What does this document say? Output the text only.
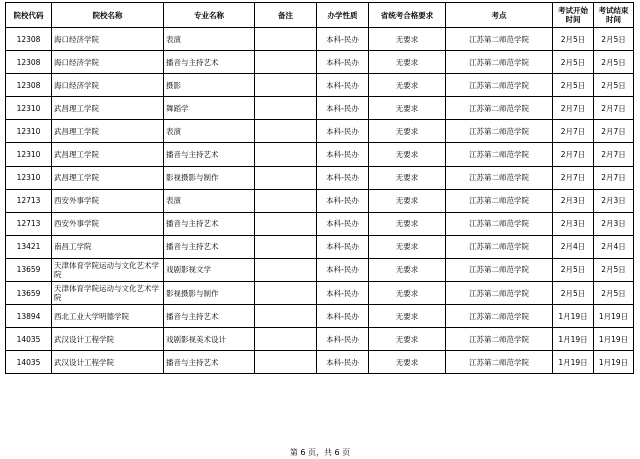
院校代码	院校名称	专业名称	备注	办学性质	省统考合格要求	考点	考试开始时间	考试结束时间
12308	海口经济学院	表演		本科-民办	无要求	江苏第二师范学院	2月5日	2月5日
12308	海口经济学院	播音与主持艺术		本科-民办	无要求	江苏第二师范学院	2月5日	2月5日
12308	海口经济学院	摄影		本科-民办	无要求	江苏第二师范学院	2月5日	2月5日
12310	武昌理工学院	舞蹈学		本科-民办	无要求	江苏第二师范学院	2月7日	2月7日
12310	武昌理工学院	表演		本科-民办	无要求	江苏第二师范学院	2月7日	2月7日
12310	武昌理工学院	播音与主持艺术		本科-民办	无要求	江苏第二师范学院	2月7日	2月7日
12310	武昌理工学院	影视摄影与制作		本科-民办	无要求	江苏第二师范学院	2月7日	2月7日
12713	西安外事学院	表演		本科-民办	无要求	江苏第二师范学院	2月3日	2月3日
12713	西安外事学院	播音与主持艺术		本科-民办	无要求	江苏第二师范学院	2月3日	2月3日
13421	南昌工学院	播音与主持艺术		本科-民办	无要求	江苏第二师范学院	2月4日	2月4日
13659	天津体育学院运动与文化艺术学院	戏剧影视文学		本科-民办	无要求	江苏第二师范学院	2月5日	2月5日
13659	天津体育学院运动与文化艺术学院	影视摄影与制作		本科-民办	无要求	江苏第二师范学院	2月5日	2月5日
13894	西北工业大学明德学院	播音与主持艺术		本科-民办	无要求	江苏第二师范学院	1月19日	1月19日
14035	武汉设计工程学院	戏剧影视美术设计		本科-民办	无要求	江苏第二师范学院	1月19日	1月19日
14035	武汉设计工程学院	播音与主持艺术		本科-民办	无要求	江苏第二师范学院	1月19日	1月19日
第 6 页，共 6 页
